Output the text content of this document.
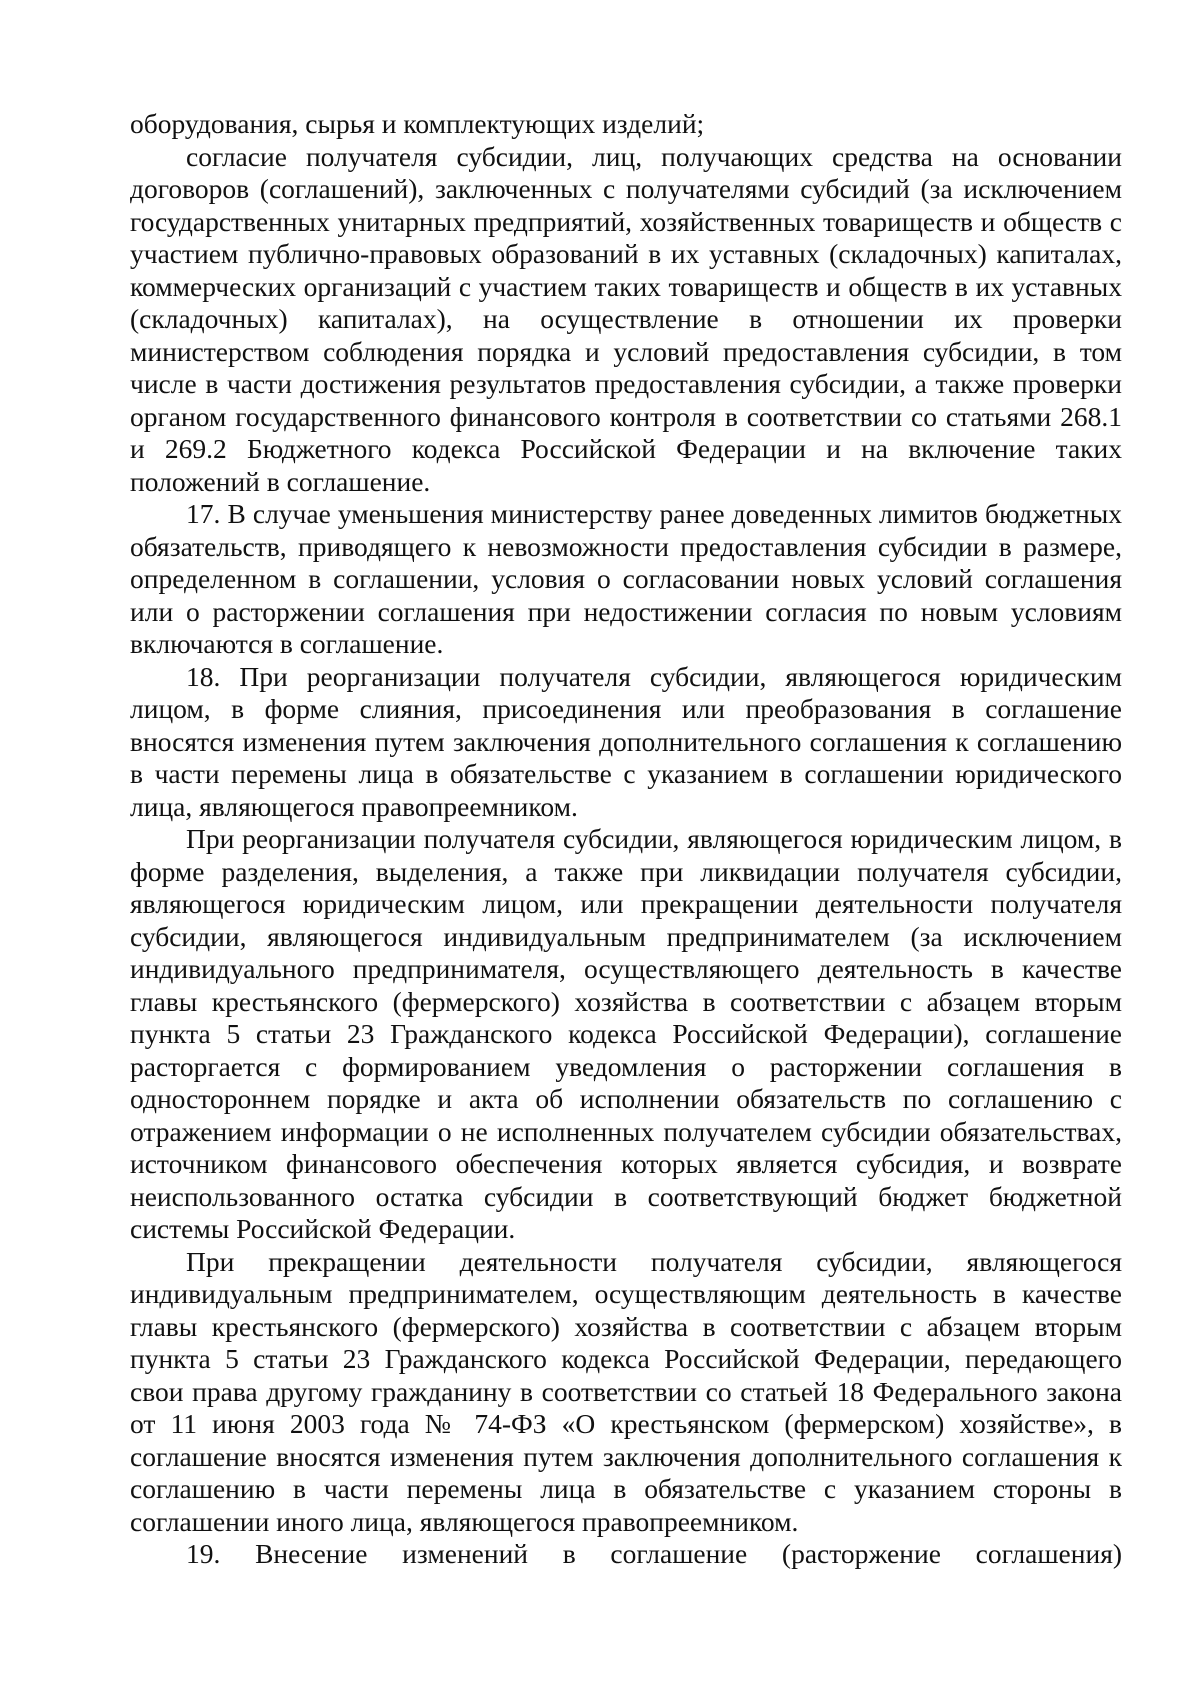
оборудования, сырья и комплектующих изделий;

согласие получателя субсидии, лиц, получающих средства на основании договоров (соглашений), заключенных с получателями субсидий (за исключением государственных унитарных предприятий, хозяйственных товариществ и обществ с участием публично-правовых образований в их уставных (складочных) капиталах, коммерческих организаций с участием таких товариществ и обществ в их уставных (складочных) капиталах), на осуществление в отношении их проверки министерством соблюдения порядка и условий предоставления субсидии, в том числе в части достижения результатов предоставления субсидии, а также проверки органом государственного финансового контроля в соответствии со статьями 268.1 и 269.2 Бюджетного кодекса Российской Федерации и на включение таких положений в соглашение.

17. В случае уменьшения министерству ранее доведенных лимитов бюджетных обязательств, приводящего к невозможности предоставления субсидии в размере, определенном в соглашении, условия о согласовании новых условий соглашения или о расторжении соглашения при недостижении согласия по новым условиям включаются в соглашение.

18. При реорганизации получателя субсидии, являющегося юридическим лицом, в форме слияния, присоединения или преобразования в соглашение вносятся изменения путем заключения дополнительного соглашения к соглашению в части перемены лица в обязательстве с указанием в соглашении юридического лица, являющегося правопреемником.

При реорганизации получателя субсидии, являющегося юридическим лицом, в форме разделения, выделения, а также при ликвидации получателя субсидии, являющегося юридическим лицом, или прекращении деятельности получателя субсидии, являющегося индивидуальным предпринимателем (за исключением индивидуального предпринимателя, осуществляющего деятельность в качестве главы крестьянского (фермерского) хозяйства в соответствии с абзацем вторым пункта 5 статьи 23 Гражданского кодекса Российской Федерации), соглашение расторгается с формированием уведомления о расторжении соглашения в одностороннем порядке и акта об исполнении обязательств по соглашению с отражением информации о не исполненных получателем субсидии обязательствах, источником финансового обеспечения которых является субсидия, и возврате неиспользованного остатка субсидии в соответствующий бюджет бюджетной системы Российской Федерации.

При прекращении деятельности получателя субсидии, являющегося индивидуальным предпринимателем, осуществляющим деятельность в качестве главы крестьянского (фермерского) хозяйства в соответствии с абзацем вторым пункта 5 статьи 23 Гражданского кодекса Российской Федерации, передающего свои права другому гражданину в соответствии со статьей 18 Федерального закона от 11 июня 2003 года № 74-ФЗ «О крестьянском (фермерском) хозяйстве», в соглашение вносятся изменения путем заключения дополнительного соглашения к соглашению в части перемены лица в обязательстве с указанием стороны в соглашении иного лица, являющегося правопреемником.

19. Внесение изменений в соглашение (расторжение соглашения)
